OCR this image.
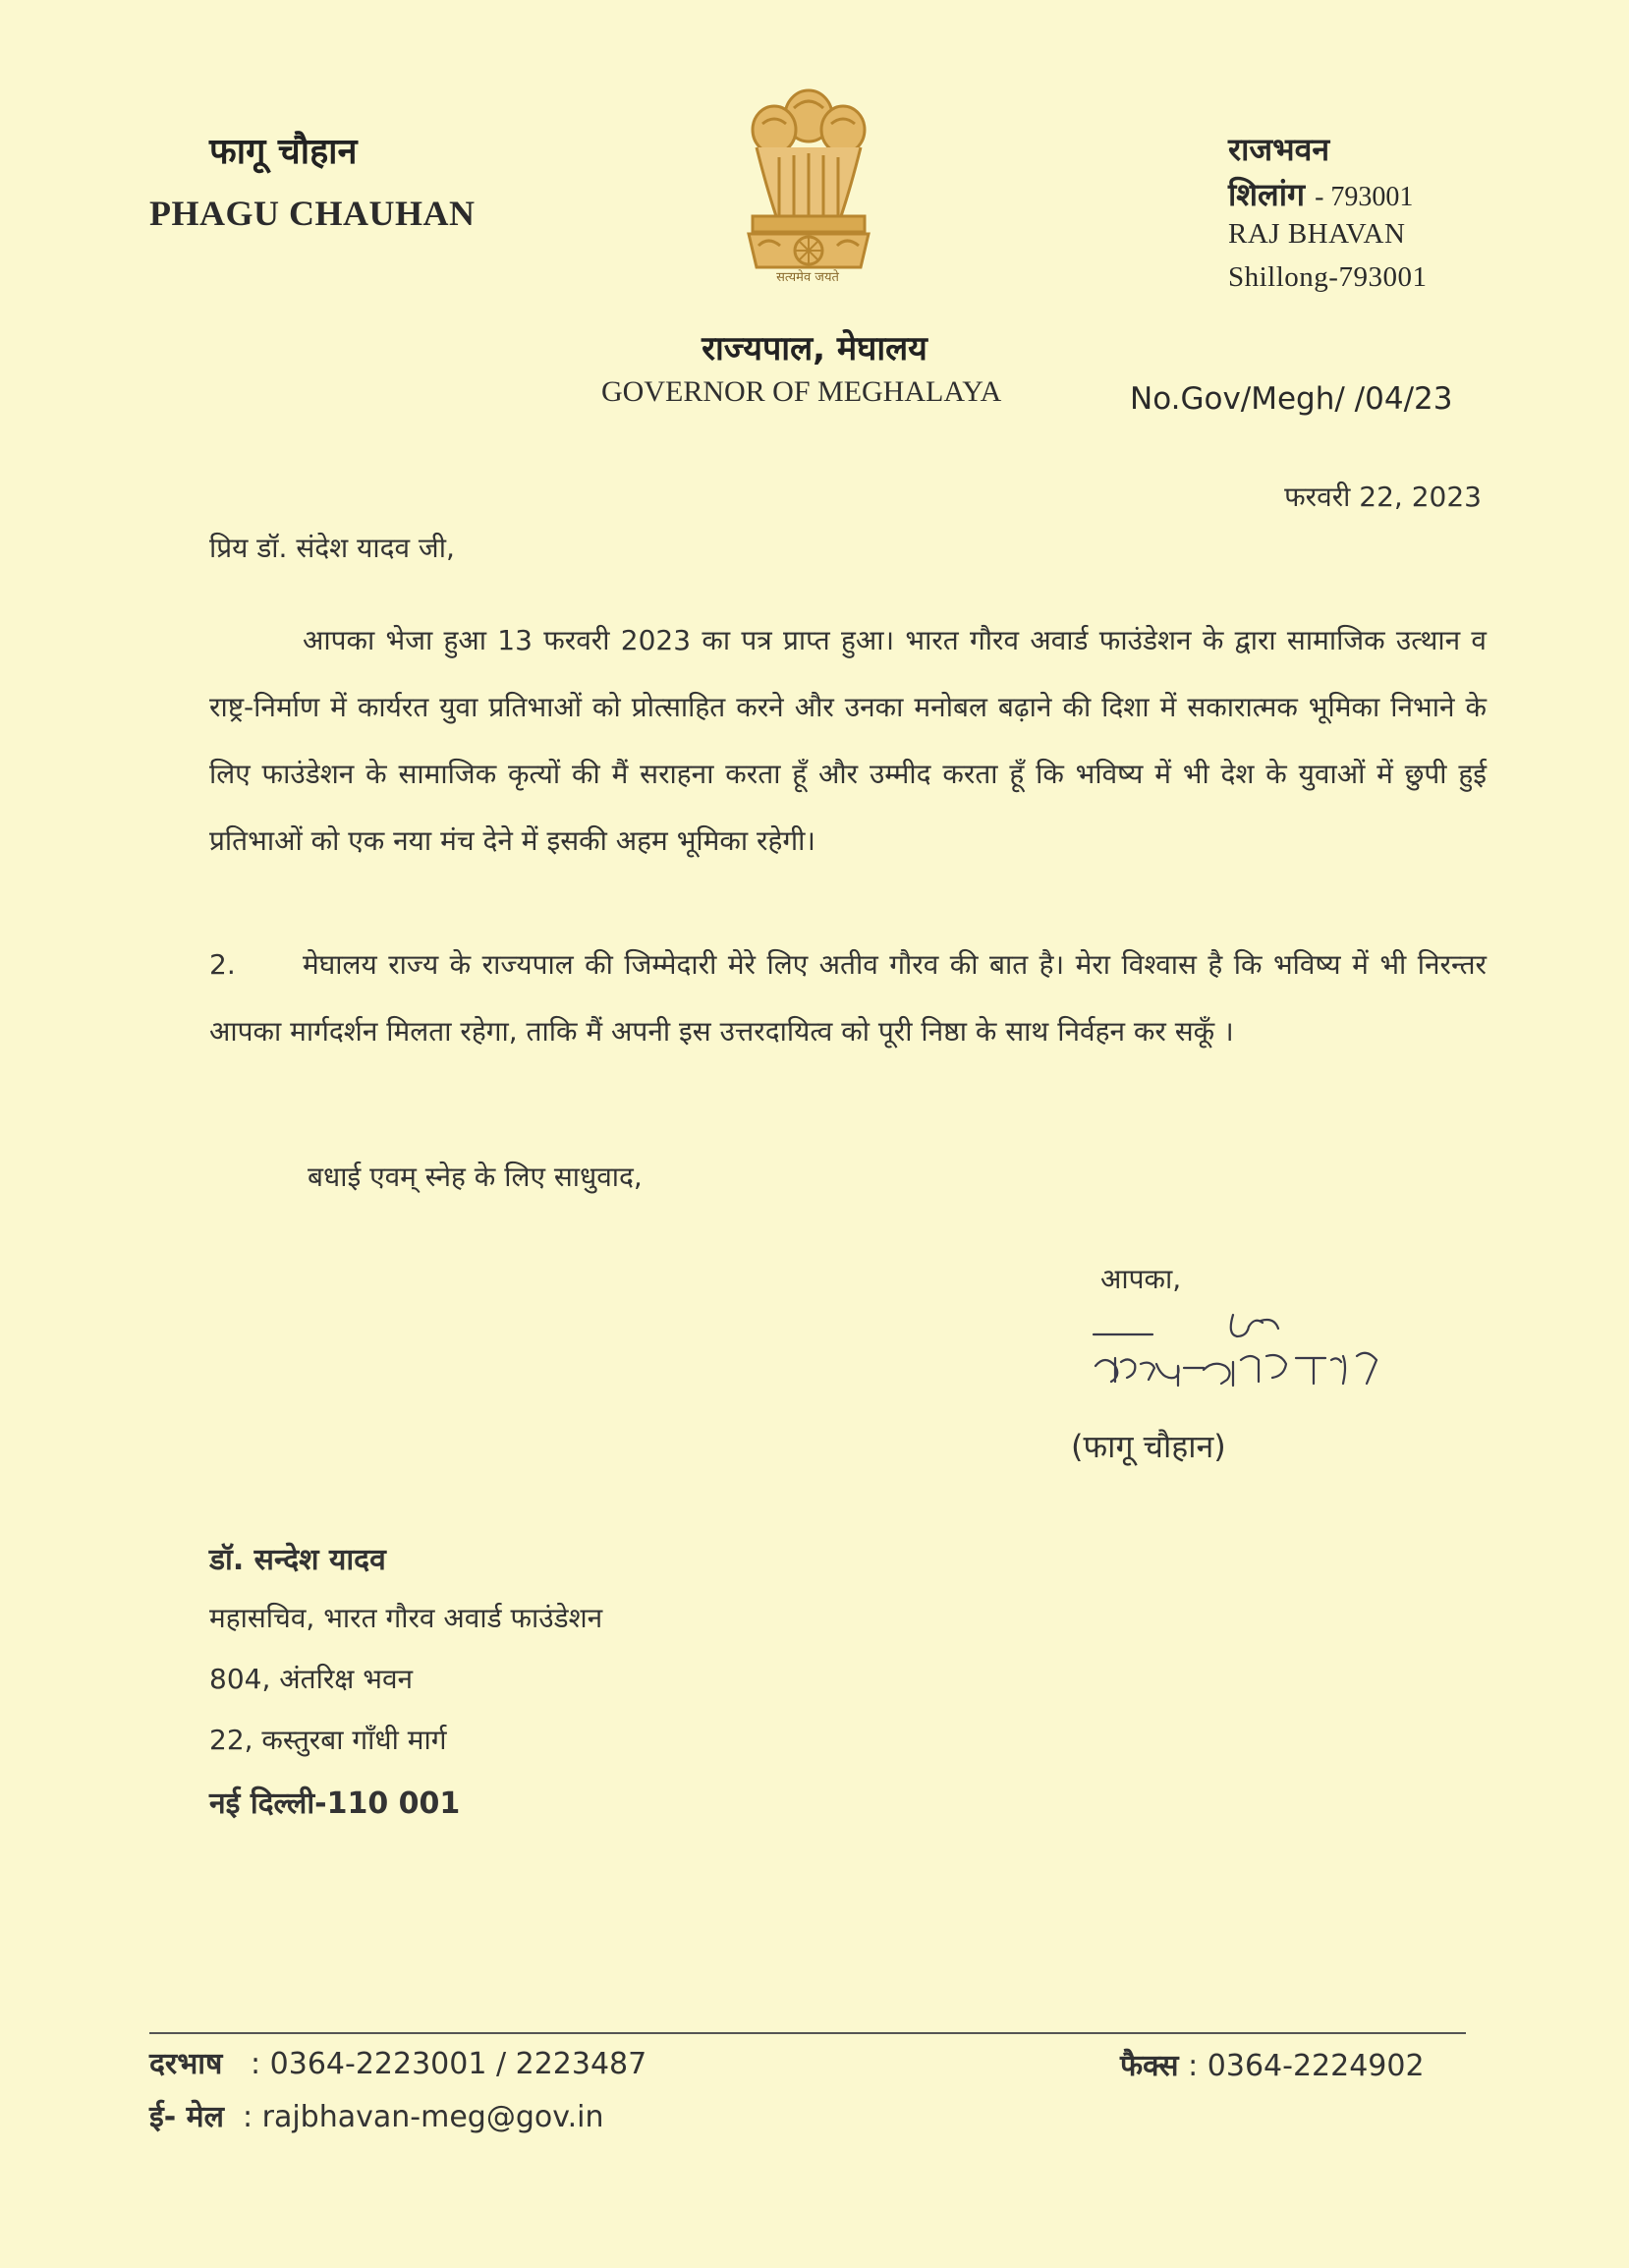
फागू चौहान
PHAGU CHAUHAN
सत्यमेव जयते
राज्यपाल, मेघालय
GOVERNOR OF MEGHALAYA
राजभवन
शिलांग - 793001
RAJ BHAVAN
Shillong-793001
No.Gov/Megh/ /04/23
फरवरी 22, 2023
प्रिय डॉ. संदेश यादव जी,
आपका भेजा हुआ 13 फरवरी 2023 का पत्र प्राप्त हुआ। भारत गौरव अवार्ड फाउंडेशन के द्वारा सामाजिक उत्थान व राष्ट्र-निर्माण में कार्यरत युवा प्रतिभाओं को प्रोत्साहित करने और उनका मनोबल बढ़ाने की दिशा में सकारात्मक भूमिका निभाने के लिए फाउंडेशन के सामाजिक कृत्यों की मैं सराहना करता हूँ और उम्मीद करता हूँ कि भविष्य में भी देश के युवाओं में छुपी हुई प्रतिभाओं को एक नया मंच देने में इसकी अहम भूमिका रहेगी।
2. मेघालय राज्य के राज्यपाल की जिम्मेदारी मेरे लिए अतीव गौरव की बात है। मेरा विश्वास है कि भविष्य में भी निरन्तर आपका मार्गदर्शन मिलता रहेगा, ताकि मैं अपनी इस उत्तरदायित्व को पूरी निष्ठा के साथ निर्वहन कर सकूँ ।
बधाई एवम् स्नेह के लिए साधुवाद,
आपका,
(फागू चौहान)
डॉ. सन्देश यादव
महासचिव, भारत गौरव अवार्ड फाउंडेशन
804, अंतरिक्ष भवन
22, कस्तुरबा गाँधी मार्ग
नई दिल्ली-110 001
दरभाष : 0364-2223001 / 2223487	फैक्स : 0364-2224902
ई- मेल : rajbhavan-meg@gov.in
